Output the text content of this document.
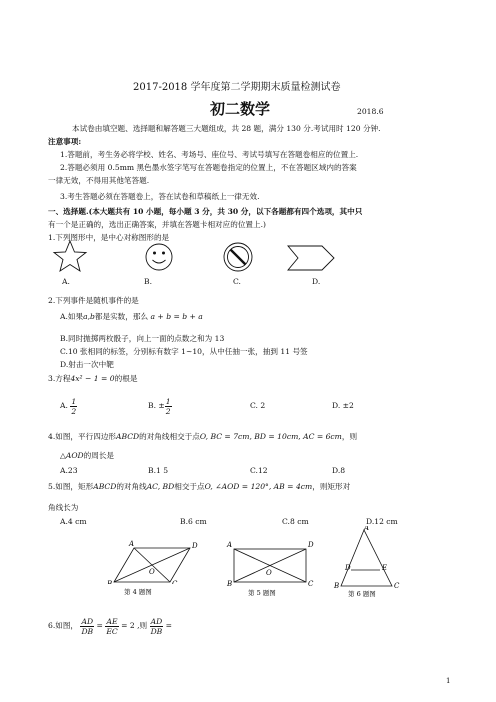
2017-2018 学年度第二学期期末质量检测试卷
初二数学	2018.6
本试卷由填空题、选择题和解答题三大题组成，共 28 题，满分 130 分.考试用时 120 分钟.
注意事项:
1.答题前，考生务必将学校、姓名、考场号、座位号、考试号填写在答题卷相应的位置上.
2.答题必须用 0.5mm 黑色墨水签字笔写在答题卷指定的位置上，不在答题区域内的答案
一律无效，不得用其他笔答题.
3.考生答题必须在答题卷上，答在试卷和草稿纸上一律无效.
一、选择题.(本大题共有 10 小题，每小题 3 分，共 30 分，以下各题都有四个选项，其中只
有一个是正确的，选出正确答案，并填在答题卡相对应的位置上.)
1.下列图形中，是中心对称图形的是
A.	B.	C.	D.
2.下列事件是随机事件的是
A.如果a,b都是实数，那么 a + b = b + a
B.同时抛掷两枚骰子，向上一面的点数之和为 13
C.10 张相同的标签，分别标有数字 1~10，从中任抽一张，抽到 11 号签
D.射击一次中靶
3.方程4x² − 1 = 0的根是
A. $\frac{1}{2}$	B. ± $\frac{1}{2}$	C. 2	D. ±2
4.如图，平行四边形ABCD的对角线相交于点O, BC = 7cm, BD = 10cm, AC = 6cm，则
△AOD的周长是
A.23	B.1 5	C.12	D.8
5.如图，矩形ABCD的对角线AC, BD相交于点O, ∠AOD = 120°, AB = 4cm，则矩形对
角线长为
A.4 cm	B.6 cm	C.8 cm	D.12 cm
A	D
O
第 4 题图
A	D
B	C
O
第 5 题图
A
D	E
B	C
第 6 题图
6.如图， $\frac{AD}{DB} = \frac{AE}{EC} = 2$ ,则 $\frac{AD}{DB}$ =
1
